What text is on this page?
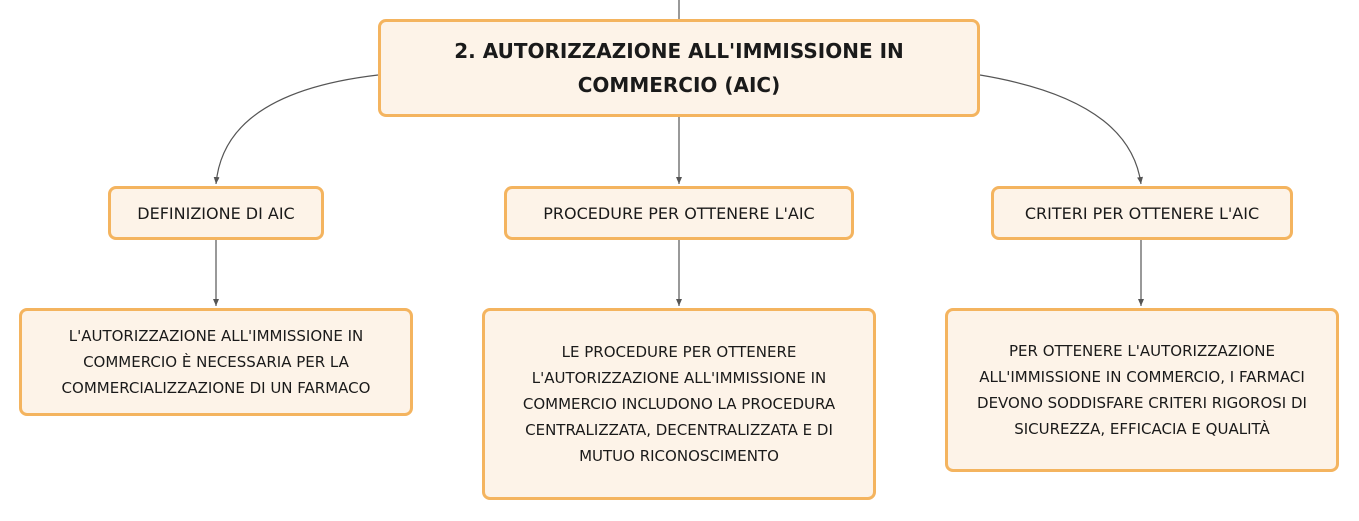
2. AUTORIZZAZIONE ALL'IMMISSIONE IN COMMERCIO (AIC)
DEFINIZIONE DI AIC	PROCEDURE PER OTTENERE L'AIC	CRITERI PER OTTENERE L'AIC
L'AUTORIZZAZIONE ALL'IMMISSIONE IN COMMERCIO È NECESSARIA PER LA COMMERCIALIZZAZIONE DI UN FARMACO
LE PROCEDURE PER OTTENERE L'AUTORIZZAZIONE ALL'IMMISSIONE IN COMMERCIO INCLUDONO LA PROCEDURA CENTRALIZZATA, DECENTRALIZZATA E DI MUTUO RICONOSCIMENTO
PER OTTENERE L'AUTORIZZAZIONE ALL'IMMISSIONE IN COMMERCIO, I FARMACI DEVONO SODDISFARE CRITERI RIGOROSI DI SICUREZZA, EFFICACIA E QUALITÀ
